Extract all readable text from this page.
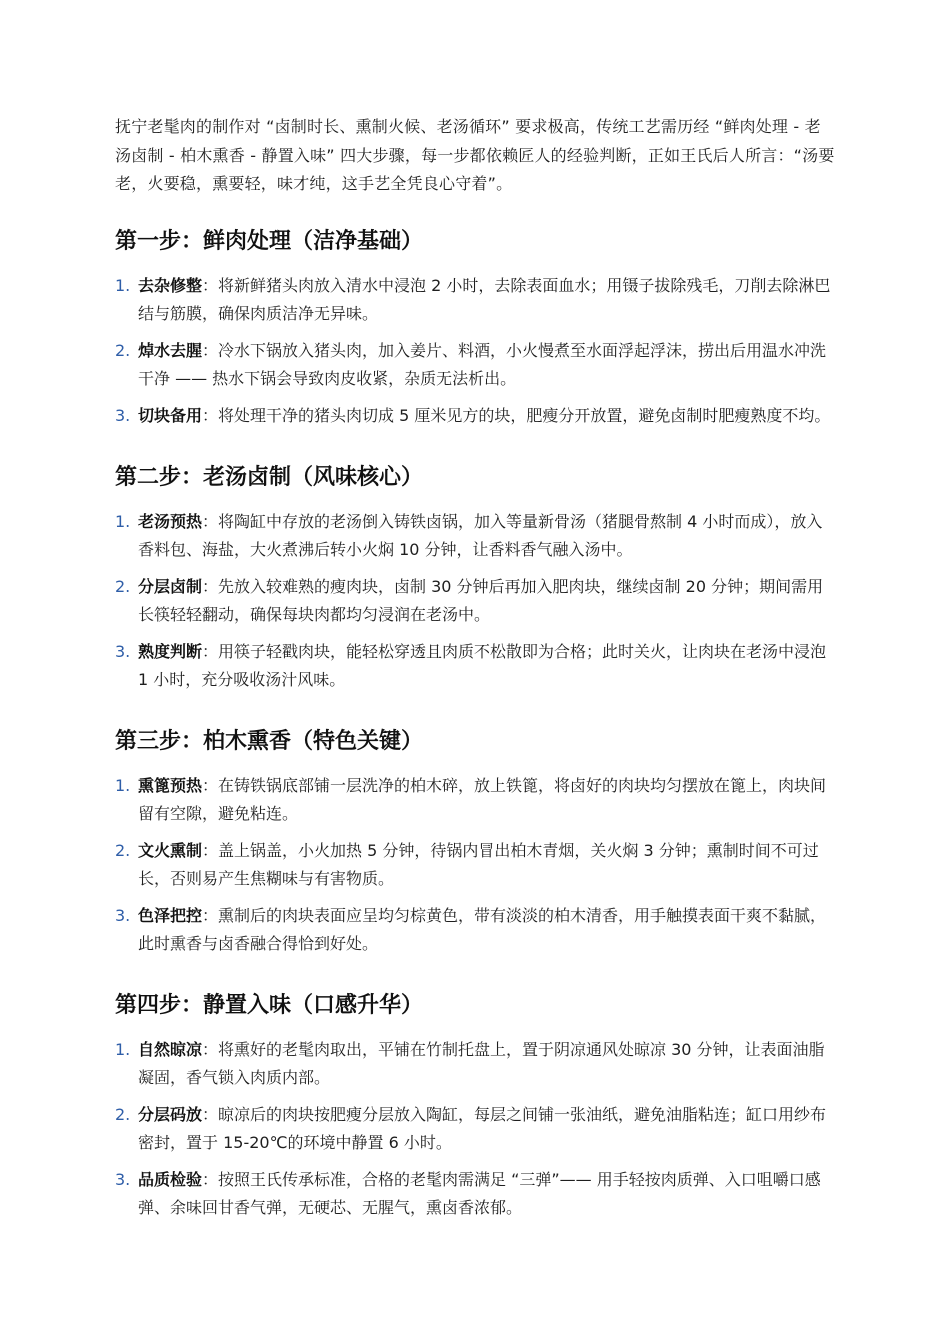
抚宁老髦肉的制作对 “卤制时长、熏制火候、老汤循环” 要求极高，传统工艺需历经 “鲜肉处理 - 老汤卤制 - 柏木熏香 - 静置入味” 四大步骤，每一步都依赖匠人的经验判断，正如王氏后人所言：“汤要老，火要稳，熏要轻，味才纯，这手艺全凭良心守着”。

第一步：鲜肉处理（洁净基础）
1. 去杂修整：将新鲜猪头肉放入清水中浸泡 2 小时，去除表面血水；用镊子拔除残毛，刀削去除淋巴结与筋膜，确保肉质洁净无异味。
2. 焯水去腥：冷水下锅放入猪头肉，加入姜片、料酒，小火慢煮至水面浮起浮沫，捞出后用温水冲洗干净 —— 热水下锅会导致肉皮收紧，杂质无法析出。
3. 切块备用：将处理干净的猪头肉切成 5 厘米见方的块，肥瘦分开放置，避免卤制时肥瘦熟度不均。
第二步：老汤卤制（风味核心）
1. 老汤预热：将陶缸中存放的老汤倒入铸铁卤锅，加入等量新骨汤（猪腿骨熬制 4 小时而成），放入香料包、海盐，大火煮沸后转小火焖 10 分钟，让香料香气融入汤中。
2. 分层卤制：先放入较难熟的瘦肉块，卤制 30 分钟后再加入肥肉块，继续卤制 20 分钟；期间需用长筷轻轻翻动，确保每块肉都均匀浸润在老汤中。
3. 熟度判断：用筷子轻戳肉块，能轻松穿透且肉质不松散即为合格；此时关火，让肉块在老汤中浸泡 1 小时，充分吸收汤汁风味。
第三步：柏木熏香（特色关键）
1. 熏篦预热：在铸铁锅底部铺一层洗净的柏木碎，放上铁篦，将卤好的肉块均匀摆放在篦上，肉块间留有空隙，避免粘连。
2. 文火熏制：盖上锅盖，小火加热 5 分钟，待锅内冒出柏木青烟，关火焖 3 分钟；熏制时间不可过长，否则易产生焦糊味与有害物质。
3. 色泽把控：熏制后的肉块表面应呈均匀棕黄色，带有淡淡的柏木清香，用手触摸表面干爽不黏腻，此时熏香与卤香融合得恰到好处。
第四步：静置入味（口感升华）
1. 自然晾凉：将熏好的老髦肉取出，平铺在竹制托盘上，置于阴凉通风处晾凉 30 分钟，让表面油脂凝固，香气锁入肉质内部。
2. 分层码放：晾凉后的肉块按肥瘦分层放入陶缸，每层之间铺一张油纸，避免油脂粘连；缸口用纱布密封，置于 15-20℃的环境中静置 6 小时。
3. 品质检验：按照王氏传承标准，合格的老髦肉需满足 “三弹”—— 用手轻按肉质弹、入口咀嚼口感弹、余味回甘香气弹，无硬芯、无腥气，熏卤香浓郁。
